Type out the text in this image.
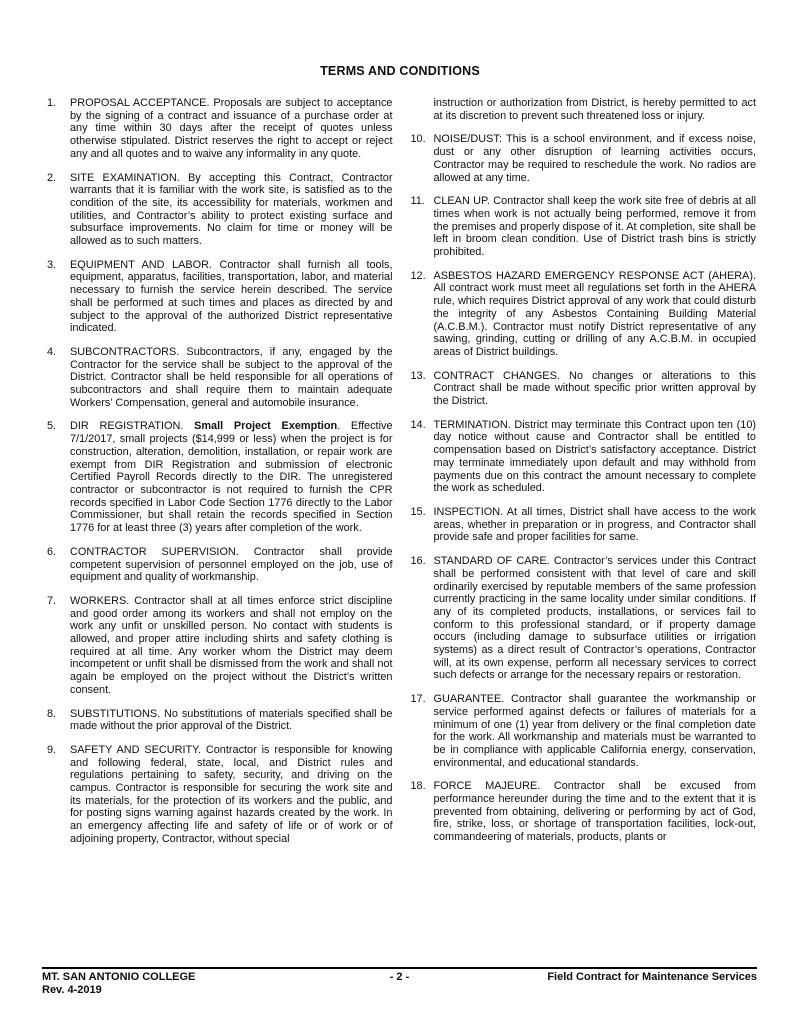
TERMS AND CONDITIONS
1.	PROPOSAL ACCEPTANCE. Proposals are subject to acceptance by the signing of a contract and issuance of a purchase order at any time within 30 days after the receipt of quotes unless otherwise stipulated. District reserves the right to accept or reject any and all quotes and to waive any informality in any quote.
2.	SITE EXAMINATION. By accepting this Contract, Contractor warrants that it is familiar with the work site, is satisfied as to the condition of the site, its accessibility for materials, workmen and utilities, and Contractor’s ability to protect existing surface and subsurface improvements. No claim for time or money will be allowed as to such matters.
3.	EQUIPMENT AND LABOR. Contractor shall furnish all tools, equipment, apparatus, facilities, transportation, labor, and material necessary to furnish the service herein described. The service shall be performed at such times and places as directed by and subject to the approval of the authorized District representative indicated.
4.	SUBCONTRACTORS. Subcontractors, if any, engaged by the Contractor for the service shall be subject to the approval of the District. Contractor shall be held responsible for all operations of subcontractors and shall require them to maintain adequate Workers’ Compensation, general and automobile insurance.
5.	DIR REGISTRATION. Small Project Exemption. Effective 7/1/2017, small projects ($14,999 or less) when the project is for construction, alteration, demolition, installation, or repair work are exempt from DIR Registration and submission of electronic Certified Payroll Records directly to the DIR. The unregistered contractor or subcontractor is not required to furnish the CPR records specified in Labor Code Section 1776 directly to the Labor Commissioner, but shall retain the records specified in Section 1776 for at least three (3) years after completion of the work.
6.	CONTRACTOR SUPERVISION. Contractor shall provide competent supervision of personnel employed on the job, use of equipment and quality of workmanship.
7.	WORKERS. Contractor shall at all times enforce strict discipline and good order among its workers and shall not employ on the work any unfit or unskilled person. No contact with students is allowed, and proper attire including shirts and safety clothing is required at all time. Any worker whom the District may deem incompetent or unfit shall be dismissed from the work and shall not again be employed on the project without the District’s written consent.
8.	SUBSTITUTIONS. No substitutions of materials specified shall be made without the prior approval of the District.
9.	SAFETY AND SECURITY. Contractor is responsible for knowing and following federal, state, local, and District rules and regulations pertaining to safety, security, and driving on the campus. Contractor is responsible for securing the work site and its materials, for the protection of its workers and the public, and for posting signs warning against hazards created by the work. In an emergency affecting life and safety of life or of work or of adjoining property, Contractor, without special
instruction or authorization from District, is hereby permitted to act at its discretion to prevent such threatened loss or injury.
10. NOISE/DUST: This is a school environment, and if excess noise, dust or any other disruption of learning activities occurs, Contractor may be required to reschedule the work. No radios are allowed at any time.
11. CLEAN UP. Contractor shall keep the work site free of debris at all times when work is not actually being performed, remove it from the premises and properly dispose of it. At completion, site shall be left in broom clean condition. Use of District trash bins is strictly prohibited.
12. ASBESTOS HAZARD EMERGENCY RESPONSE ACT (AHERA). All contract work must meet all regulations set forth in the AHERA rule, which requires District approval of any work that could disturb the integrity of any Asbestos Containing Building Material (A.C.B.M.). Contractor must notify District representative of any sawing, grinding, cutting or drilling of any A.C.B.M. in occupied areas of District buildings.
13. CONTRACT CHANGES. No changes or alterations to this Contract shall be made without specific prior written approval by the District.
14. TERMINATION. District may terminate this Contract upon ten (10) day notice without cause and Contractor shall be entitled to compensation based on District’s satisfactory acceptance. District may terminate immediately upon default and may withhold from payments due on this contract the amount necessary to complete the work as scheduled.
15. INSPECTION. At all times, District shall have access to the work areas, whether in preparation or in progress, and Contractor shall provide safe and proper facilities for same.
16. STANDARD OF CARE. Contractor’s services under this Contract shall be performed consistent with that level of care and skill ordinarily exercised by reputable members of the same profession currently practicing in the same locality under similar conditions. If any of its completed products, installations, or services fail to conform to this professional standard, or if property damage occurs (including damage to subsurface utilities or irrigation systems) as a direct result of Contractor’s operations, Contractor will, at its own expense, perform all necessary services to correct such defects or arrange for the necessary repairs or restoration.
17. GUARANTEE. Contractor shall guarantee the workmanship or service performed against defects or failures of materials for a minimum of one (1) year from delivery or the final completion date for the work. All workmanship and materials must be warranted to be in compliance with applicable California energy, conservation, environmental, and educational standards.
18. FORCE MAJEURE. Contractor shall be excused from performance hereunder during the time and to the extent that it is prevented from obtaining, delivering or performing by act of God, fire, strike, loss, or shortage of transportation facilities, lock-out, commandeering of materials, products, plants or
MT. SAN ANTONIO COLLEGE
Rev. 4-2019
- 2 -	Field Contract for Maintenance Services
